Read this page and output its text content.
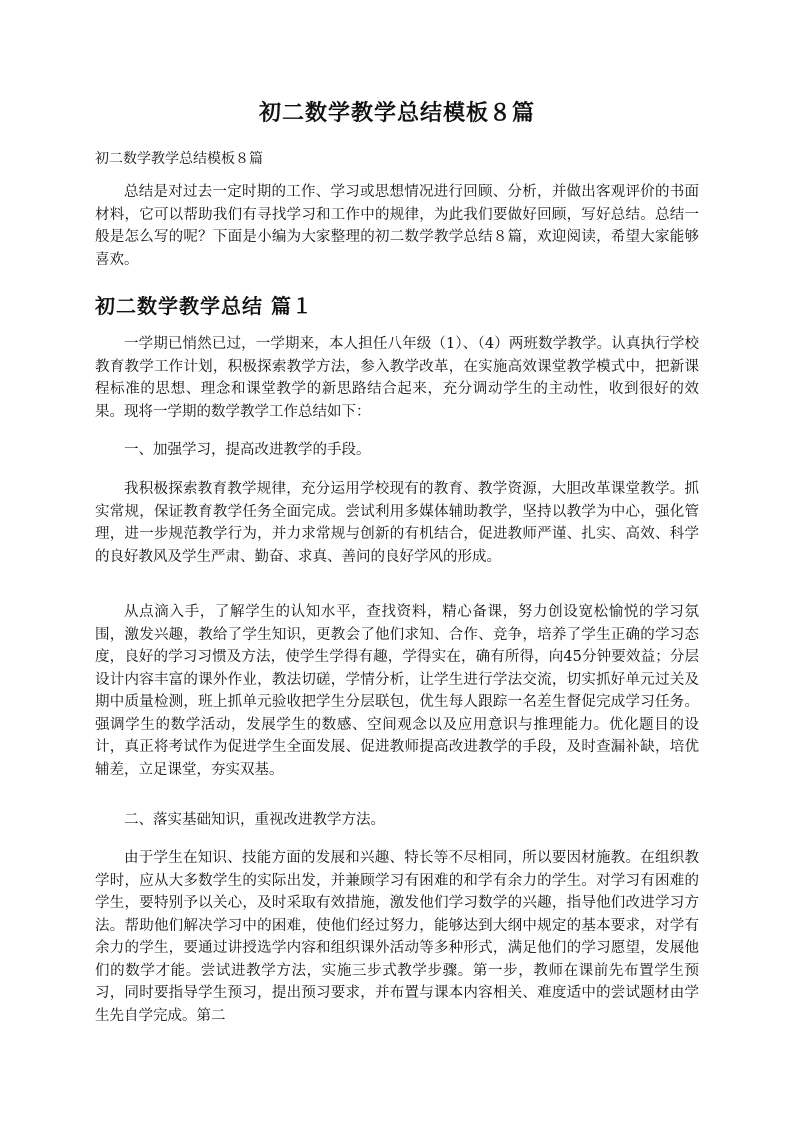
初二数学教学总结模板８篇

初二数学教学总结模板８篇

总结是对过去一定时期的工作、学习或思想情况进行回顾、分析，并做出客观评价的书面材料，它可以帮助我们有寻找学习和工作中的规律，为此我们要做好回顾，写好总结。总结一般是怎么写的呢？下面是小编为大家整理的初二数学教学总结８篇，欢迎阅读，希望大家能够喜欢。

初二数学教学总结 篇１

一学期已悄然已过，一学期来，本人担任八年级（1）、（4）两班数学教学。认真执行学校教育教学工作计划，积极探索教学方法，参入教学改革，在实施高效课堂教学模式中，把新课程标准的思想、理念和课堂教学的新思路结合起来，充分调动学生的主动性，收到很好的效果。现将一学期的数学教学工作总结如下：

一、加强学习，提高改进教学的手段。

我积极探索教育教学规律，充分运用学校现有的教育、教学资源，大胆改革课堂教学。抓实常规，保证教育教学任务全面完成。尝试利用多媒体辅助教学，坚持以教学为中心，强化管理，进一步规范教学行为，并力求常规与创新的有机结合，促进教师严谨、扎实、高效、科学的良好教风及学生严肃、勤奋、求真、善问的良好学风的形成。

从点滴入手，了解学生的认知水平，查找资料，精心备课，努力创设宽松愉悦的学习氛围，激发兴趣，教给了学生知识，更教会了他们求知、合作、竞争，培养了学生正确的学习态度，良好的学习习惯及方法，使学生学得有趣，学得实在，确有所得，向45分钟要效益；分层设计内容丰富的课外作业，教法切磋，学情分析，让学生进行学法交流，切实抓好单元过关及期中质量检测，班上抓单元验收把学生分层联包，优生每人跟踪一名差生督促完成学习任务。强调学生的数学活动，发展学生的数感、空间观念以及应用意识与推理能力。优化题目的设计，真正将考试作为促进学生全面发展、促进教师提高改进教学的手段，及时查漏补缺，培优辅差，立足课堂，夯实双基。

二、落实基础知识，重视改进教学方法。

由于学生在知识、技能方面的发展和兴趣、特长等不尽相同，所以要因材施教。在组织教学时，应从大多数学生的实际出发，并兼顾学习有困难的和学有余力的学生。对学习有困难的学生，要特别予以关心，及时采取有效措施，激发他们学习数学的兴趣，指导他们改进学习方法。帮助他们解决学习中的困难，使他们经过努力，能够达到大纲中规定的基本要求，对学有余力的学生，要通过讲授选学内容和组织课外活动等多种形式，满足他们的学习愿望，发展他们的数学才能。尝试进教学方法，实施三步式教学步骤。第一步，教师在课前先布置学生预习，同时要指导学生预习，提出预习要求，并布置与课本内容相关、难度适中的尝试题材由学生先自学完成。第二
